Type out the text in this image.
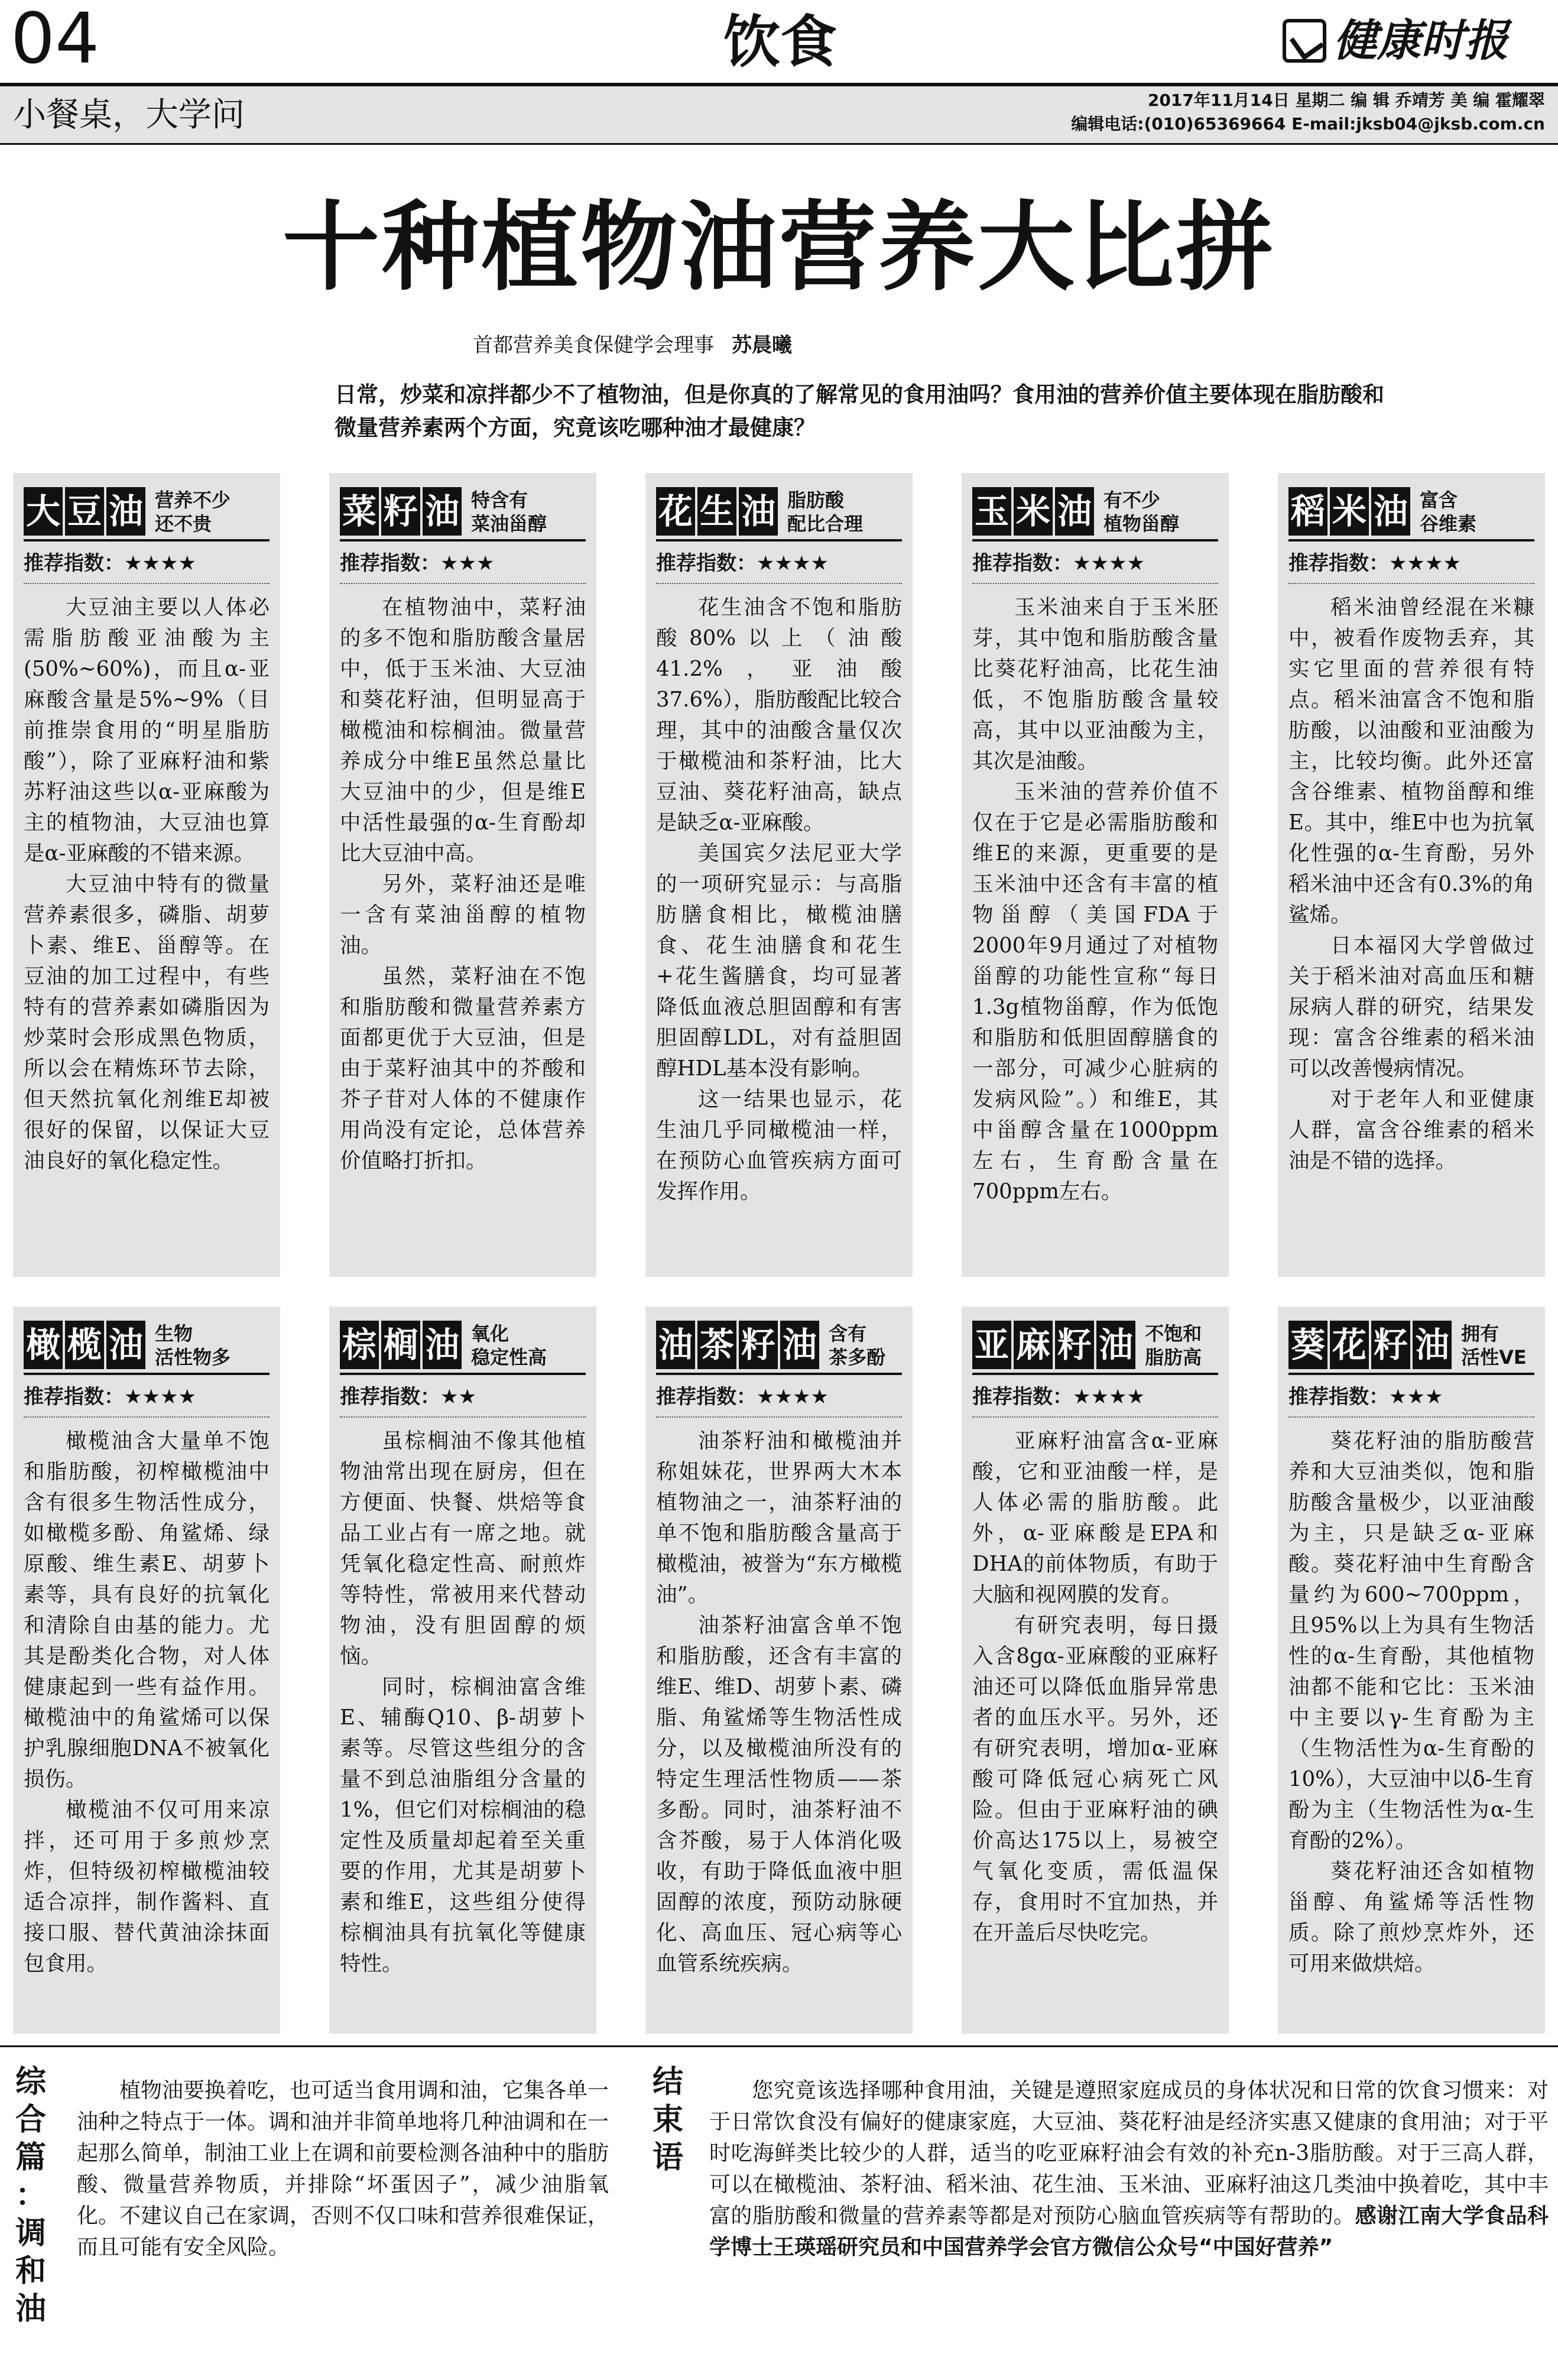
04	饮食	健康时报
小餐桌，大学问	2017年11月14日 星期二 编 辑 乔靖芳 美 编 霍耀翠
编辑电话:(010)65369664 E-mail:jksb04@jksb.com.cn
十种植物油营养大比拼
首都营养美食保健学会理事 苏晨曦
日常，炒菜和凉拌都少不了植物油，但是你真的了解常见的食用油吗？食用油的营养价值主要体现在脂肪酸和微量营养素两个方面，究竟该吃哪种油才最健康？
大 豆 油 营养不少
还不贵
推荐指数：★★★★

大豆油主要以人体必需脂肪酸亚油酸为主(50%~60%)，而且α-亚麻酸含量是5%~9%（目前推崇食用的“明星脂肪酸”），除了亚麻籽油和紫苏籽油这些以α-亚麻酸为主的植物油，大豆油也算是α-亚麻酸的不错来源。

大豆油中特有的微量营养素很多，磷脂、胡萝卜素、维E、甾醇等。在豆油的加工过程中，有些特有的营养素如磷脂因为炒菜时会形成黑色物质，所以会在精炼环节去除，但天然抗氧化剂维E却被很好的保留，以保证大豆油良好的氧化稳定性。

菜 籽 油 特含有
菜油甾醇
推荐指数：★★★

在植物油中，菜籽油的多不饱和脂肪酸含量居中，低于玉米油、大豆油和葵花籽油，但明显高于橄榄油和棕榈油。微量营养成分中维E虽然总量比大豆油中的少，但是维E中活性最强的α-生育酚却比大豆油中高。

另外，菜籽油还是唯一含有菜油甾醇的植物油。

虽然，菜籽油在不饱和脂肪酸和微量营养素方面都更优于大豆油，但是由于菜籽油其中的芥酸和芥子苷对人体的不健康作用尚没有定论，总体营养价值略打折扣。

花 生 油 脂肪酸
配比合理
推荐指数：★★★★

花生油含不饱和脂肪酸80%以上（油酸41.2%，亚油酸37.6%），脂肪酸配比较合理，其中的油酸含量仅次于橄榄油和茶籽油，比大豆油、葵花籽油高，缺点是缺乏α-亚麻酸。

美国宾夕法尼亚大学的一项研究显示：与高脂肪膳食相比，橄榄油膳食、花生油膳食和花生+花生酱膳食，均可显著降低血液总胆固醇和有害胆固醇LDL，对有益胆固醇HDL基本没有影响。

这一结果也显示，花生油几乎同橄榄油一样，在预防心血管疾病方面可发挥作用。

玉 米 油 有不少
植物甾醇
推荐指数：★★★★

玉米油来自于玉米胚芽，其中饱和脂肪酸含量比葵花籽油高，比花生油低，不饱脂肪酸含量较高，其中以亚油酸为主，其次是油酸。

玉米油的营养价值不仅在于它是必需脂肪酸和维E的来源，更重要的是玉米油中还含有丰富的植物甾醇（美国FDA于2000年9月通过了对植物甾醇的功能性宣称“每日1.3g植物甾醇，作为低饱和脂肪和低胆固醇膳食的一部分，可减少心脏病的发病风险”。）和维E，其中甾醇含量在1000ppm左右，生育酚含量在700ppm左右。

稻 米 油 富含
谷维素
推荐指数：★★★★

稻米油曾经混在米糠中，被看作废物丢弃，其实它里面的营养很有特点。稻米油富含不饱和脂肪酸，以油酸和亚油酸为主，比较均衡。此外还富含谷维素、植物甾醇和维E。其中，维E中也为抗氧化性强的α-生育酚，另外稻米油中还含有0.3%的角鲨烯。

日本福冈大学曾做过关于稻米油对高血压和糖尿病人群的研究，结果发现：富含谷维素的稻米油可以改善慢病情况。

对于老年人和亚健康人群，富含谷维素的稻米油是不错的选择。

橄 榄 油 生物
活性物多
推荐指数：★★★★

橄榄油含大量单不饱和脂肪酸，初榨橄榄油中含有很多生物活性成分，如橄榄多酚、角鲨烯、绿原酸、维生素E、胡萝卜素等，具有良好的抗氧化和清除自由基的能力。尤其是酚类化合物，对人体健康起到一些有益作用。橄榄油中的角鲨烯可以保护乳腺细胞DNA不被氧化损伤。

橄榄油不仅可用来凉拌，还可用于多煎炒烹炸，但特级初榨橄榄油较适合凉拌，制作酱料、直接口服、替代黄油涂抹面包食用。

棕 榈 油 氧化
稳定性高
推荐指数：★★

虽棕榈油不像其他植物油常出现在厨房，但在方便面、快餐、烘焙等食品工业占有一席之地。就凭氧化稳定性高、耐煎炸等特性，常被用来代替动物油，没有胆固醇的烦恼。

同时，棕榈油富含维E、辅酶Q10、β-胡萝卜素等。尽管这些组分的含量不到总油脂组分含量的1%，但它们对棕榈油的稳定性及质量却起着至关重要的作用，尤其是胡萝卜素和维E，这些组分使得棕榈油具有抗氧化等健康特性。

油 茶 籽 油 含有
茶多酚
推荐指数：★★★★

油茶籽油和橄榄油并称姐妹花，世界两大木本植物油之一，油茶籽油的单不饱和脂肪酸含量高于橄榄油，被誉为“东方橄榄油”。

油茶籽油富含单不饱和脂肪酸，还含有丰富的维E、维D、胡萝卜素、磷脂、角鲨烯等生物活性成分，以及橄榄油所没有的特定生理活性物质——茶多酚。同时，油茶籽油不含芥酸，易于人体消化吸收，有助于降低血液中胆固醇的浓度，预防动脉硬化、高血压、冠心病等心血管系统疾病。

亚 麻 籽 油 不饱和
脂肪高
推荐指数：★★★★

亚麻籽油富含α-亚麻酸，它和亚油酸一样，是人体必需的脂肪酸。此外，α-亚麻酸是EPA和DHA的前体物质，有助于大脑和视网膜的发育。

有研究表明，每日摄入含8gα-亚麻酸的亚麻籽油还可以降低血脂异常患者的血压水平。另外，还有研究表明，增加α-亚麻酸可降低冠心病死亡风险。但由于亚麻籽油的碘价高达175以上，易被空气氧化变质，需低温保存，食用时不宜加热，并在开盖后尽快吃完。

葵 花 籽 油 拥有
活性VE
推荐指数：★★★

葵花籽油的脂肪酸营养和大豆油类似，饱和脂肪酸含量极少，以亚油酸为主，只是缺乏α-亚麻酸。葵花籽油中生育酚含量约为600~700ppm，且95%以上为具有生物活性的α-生育酚，其他植物油都不能和它比：玉米油中主要以γ-生育酚为主（生物活性为α-生育酚的10%），大豆油中以δ-生育酚为主（生物活性为α-生育酚的2%）。

葵花籽油还含如植物甾醇、角鲨烯等活性物质。除了煎炒烹炸外，还可用来做烘焙。

综
合
篇
：
调
和
油

植物油要换着吃，也可适当食用调和油，它集各单一油种之特点于一体。调和油并非简单地将几种油调和在一起那么简单，制油工业上在调和前要检测各油种中的脂肪酸、微量营养物质，并排除“坏蛋因子”，减少油脂氧化。不建议自己在家调，否则不仅口味和营养很难保证，而且可能有安全风险。

结
束
语

您究竟该选择哪种食用油，关键是遵照家庭成员的身体状况和日常的饮食习惯来：对于日常饮食没有偏好的健康家庭，大豆油、葵花籽油是经济实惠又健康的食用油；对于平时吃海鲜类比较少的人群，适当的吃亚麻籽油会有效的补充n-3脂肪酸。对于三高人群，可以在橄榄油、茶籽油、稻米油、花生油、玉米油、亚麻籽油这几类油中换着吃，其中丰富的脂肪酸和微量的营养素等都是对预防心脑血管疾病等有帮助的。感谢江南大学食品科学博士王瑛瑶研究员和中国营养学会官方微信公众号“中国好营养”
